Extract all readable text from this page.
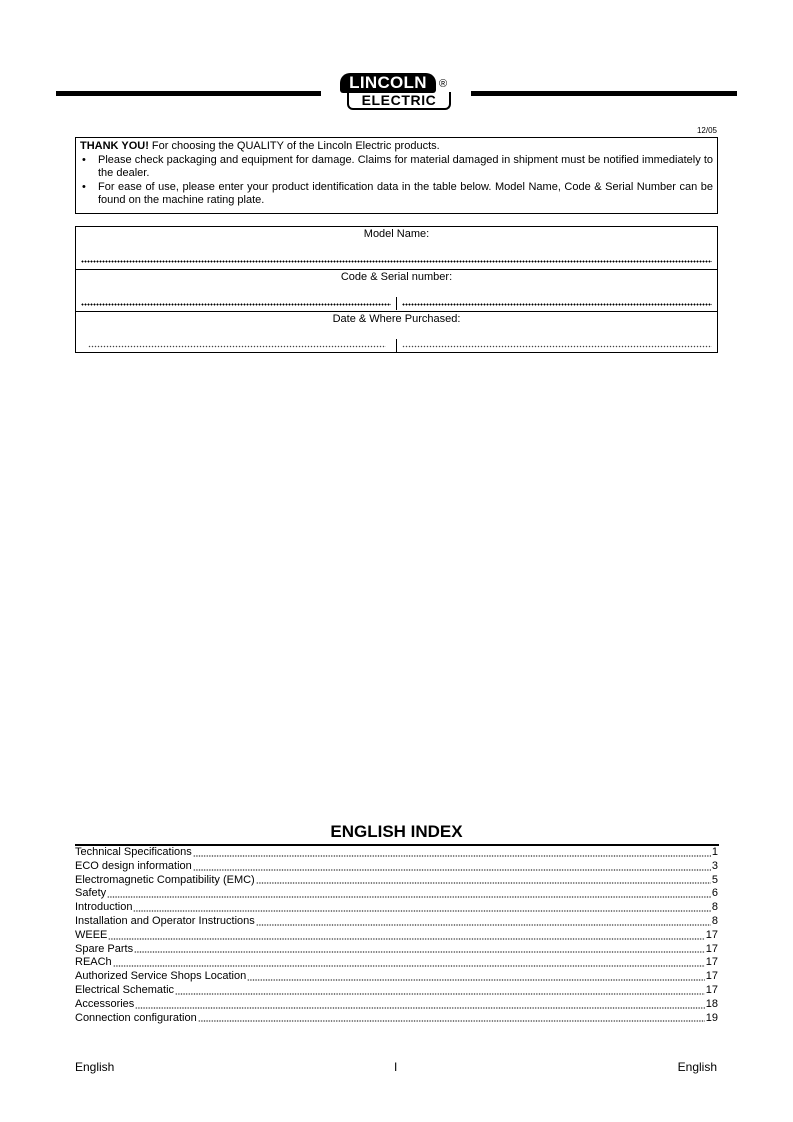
LINCOLN	®
ELECTRIC
12/05

THANK YOU! For choosing the QUALITY of the Lincoln Electric products.

• Please check packaging and equipment for damage. Claims for material damaged in shipment must be notified immediately to the dealer.
• For ease of use, please enter your product identification data in the table below. Model Name, Code & Serial Number can be found on the machine rating plate.
Model Name:
Code & Serial number:
Date & Where Purchased:
ENGLISH INDEX
Technical Specifications	1
ECO design information	3
Electromagnetic Compatibility (EMC)	5
Safety	6
Introduction	8
Installation and Operator Instructions	8
WEEE	17
Spare Parts	17
REACh	17
Authorized Service Shops Location	17
Electrical Schematic	17
Accessories	18
Connection configuration	19
English	I	English
